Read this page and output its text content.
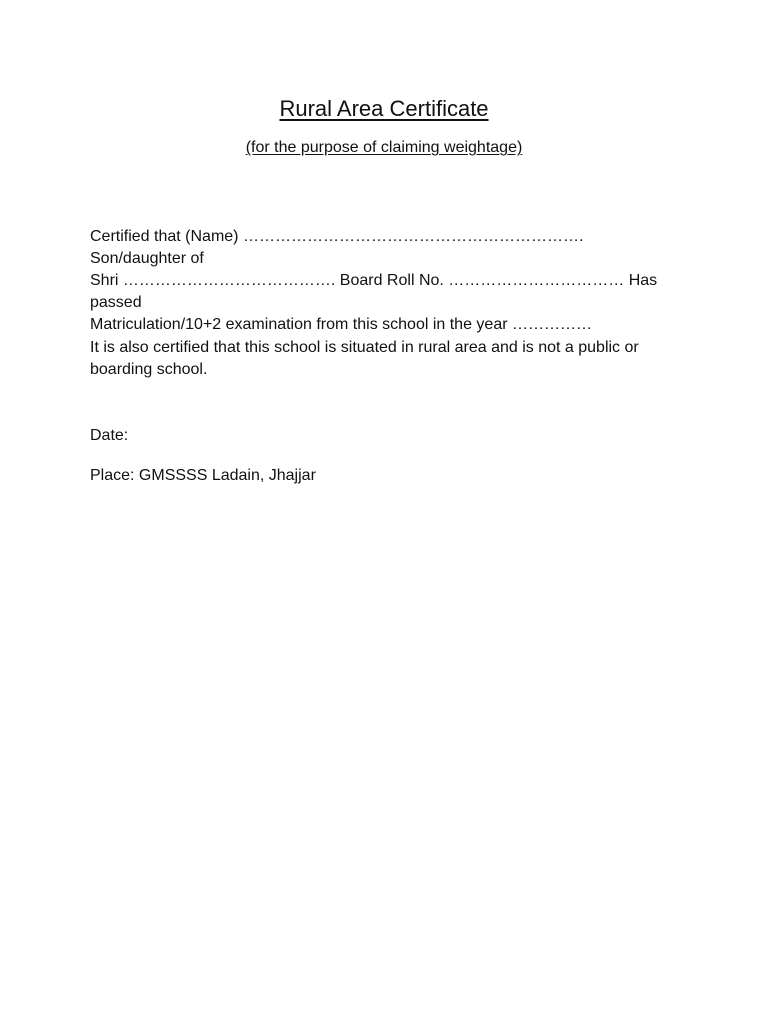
Rural Area Certificate
(for the purpose of claiming weightage)
Certified that (Name) ………………………………………………………. Son/daughter of
Shri …………………………………. Board Roll No. …………………………… Has passed
Matriculation/10+2 examination from this school in the year ……………

It is also certified that this school is situated in rural area and is not a public or boarding school.

Date:

Place: GMSSSS Ladain, Jhajjar
